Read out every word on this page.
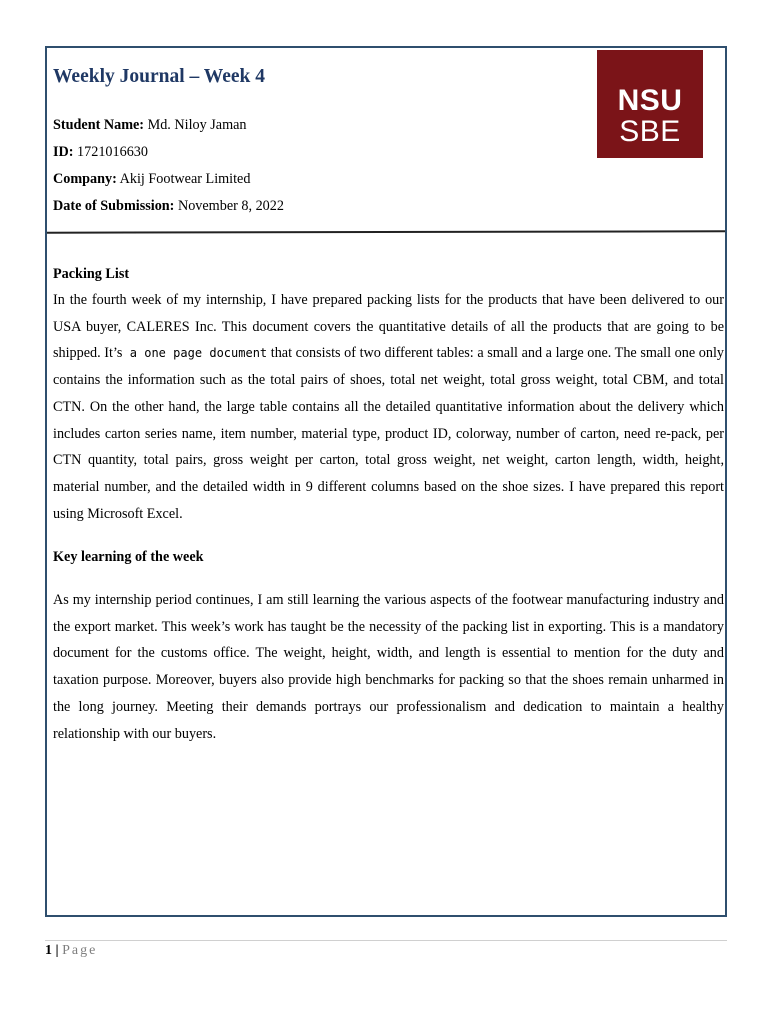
Weekly Journal – Week 4
Student Name: Md. Niloy Jaman
ID: 1721016630
Company: Akij Footwear Limited
Date of Submission: November 8, 2022
NSU
SBE
Packing List

In the fourth week of my internship, I have prepared packing lists for the products that have been delivered to our USA buyer, CALERES Inc. This document covers the quantitative details of all the products that are going to be shipped. It’s a one page document that consists of two different tables: a small and a large one. The small one only contains the information such as the total pairs of shoes, total net weight, total gross weight, total CBM, and total CTN. On the other hand, the large table contains all the detailed quantitative information about the delivery which includes carton series name, item number, material type, product ID, colorway, number of carton, need re-pack, per CTN quantity, total pairs, gross weight per carton, total gross weight, net weight, carton length, width, height, material number, and the detailed width in 9 different columns based on the shoe sizes. I have prepared this report using Microsoft Excel.

Key learning of the week

As my internship period continues, I am still learning the various aspects of the footwear manufacturing industry and the export market. This week’s work has taught be the necessity of the packing list in exporting. This is a mandatory document for the customs office. The weight, height, width, and length is essential to mention for the duty and taxation purpose. Moreover, buyers also provide high benchmarks for packing so that the shoes remain unharmed in the long journey. Meeting their demands portrays our professionalism and dedication to maintain a healthy relationship with our buyers.

1 | Page
